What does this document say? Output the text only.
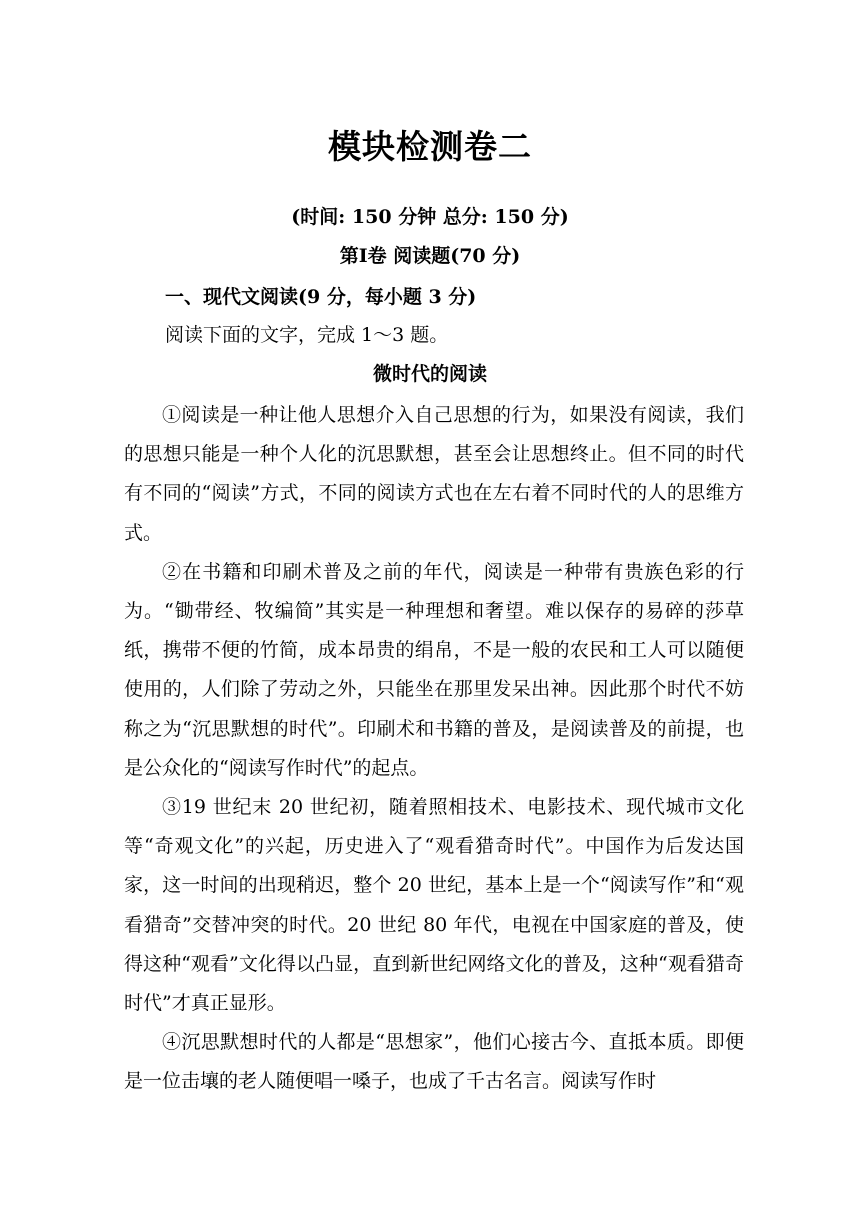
模块检测卷二
(时间: 150 分钟 总分: 150 分)
第Ⅰ卷 阅读题(70 分)
一、现代文阅读(9 分，每小题 3 分)
阅读下面的文字，完成 1～3 题。
微时代的阅读

①阅读是一种让他人思想介入自己思想的行为，如果没有阅读，我们的思想只能是一种个人化的沉思默想，甚至会让思想终止。但不同的时代有不同的“阅读”方式，不同的阅读方式也在左右着不同时代的人的思维方式。

②在书籍和印刷术普及之前的年代，阅读是一种带有贵族色彩的行为。“锄带经、牧编简”其实是一种理想和奢望。难以保存的易碎的莎草纸，携带不便的竹简，成本昂贵的绢帛，不是一般的农民和工人可以随便使用的，人们除了劳动之外，只能坐在那里发呆出神。因此那个时代不妨称之为“沉思默想的时代”。印刷术和书籍的普及，是阅读普及的前提，也是公众化的“阅读写作时代”的起点。

③19 世纪末 20 世纪初，随着照相技术、电影技术、现代城市文化等“奇观文化”的兴起，历史进入了“观看猎奇时代”。中国作为后发达国家，这一时间的出现稍迟，整个 20 世纪，基本上是一个“阅读写作”和“观看猎奇”交替冲突的时代。20 世纪 80 年代，电视在中国家庭的普及，使得这种“观看”文化得以凸显，直到新世纪网络文化的普及，这种“观看猎奇时代”才真正显形。

④沉思默想时代的人都是“思想家”，他们心接古今、直抵本质。即便是一位击壤的老人随便唱一嗓子，也成了千古名言。阅读写作时
